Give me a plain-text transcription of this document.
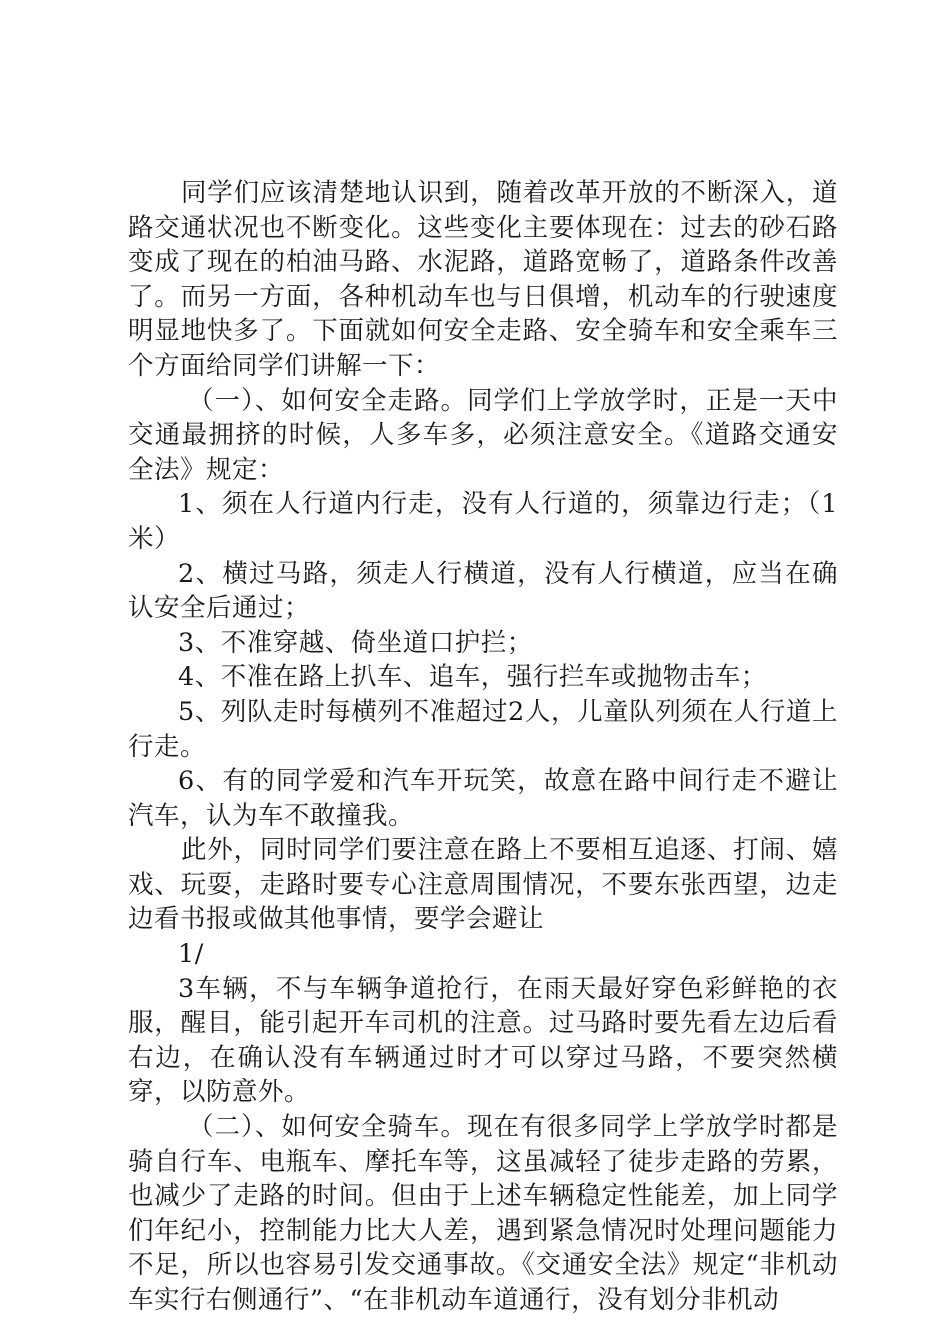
同学们应该清楚地认识到，随着改革开放的不断深入，道路交通状况也不断变化。这些变化主要体现在：过去的砂石路变成了现在的柏油马路、水泥路，道路宽畅了，道路条件改善了。而另一方面，各种机动车也与日俱增，机动车的行驶速度明显地快多了。下面就如何安全走路、安全骑车和安全乘车三个方面给同学们讲解一下：

（一）、如何安全走路。同学们上学放学时，正是一天中交通最拥挤的时候，人多车多，必须注意安全。《道路交通安全法》规定：

1、须在人行道内行走，没有人行道的，须靠边行走；（1米）

2、横过马路，须走人行横道，没有人行横道，应当在确认安全后通过；

3、不准穿越、倚坐道口护拦；

4、不准在路上扒车、追车，强行拦车或抛物击车；

5、列队走时每横列不准超过2人，儿童队列须在人行道上行走。

6、有的同学爱和汽车开玩笑，故意在路中间行走不避让汽车，认为车不敢撞我。

此外，同时同学们要注意在路上不要相互追逐、打闹、嬉戏、玩耍，走路时要专心注意周围情况，不要东张西望，边走边看书报或做其他事情，要学会避让

1/

3车辆，不与车辆争道抢行，在雨天最好穿色彩鲜艳的衣服，醒目，能引起开车司机的注意。过马路时要先看左边后看右边，在确认没有车辆通过时才可以穿过马路，不要突然横穿，以防意外。

（二）、如何安全骑车。现在有很多同学上学放学时都是骑自行车、电瓶车、摩托车等，这虽减轻了徒步走路的劳累，也减少了走路的时间。但由于上述车辆稳定性能差，加上同学们年纪小，控制能力比大人差，遇到紧急情况时处理问题能力不足，所以也容易引发交通事故。《交通安全法》规定“非机动车实行右侧通行”、“在非机动车道通行，没有划分非机动
